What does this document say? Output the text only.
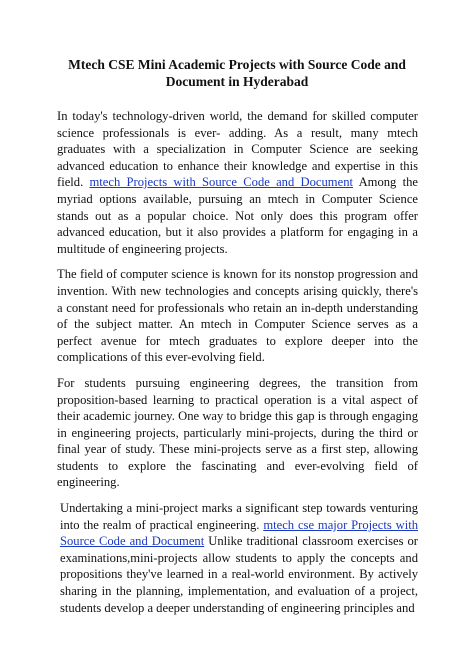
Mtech CSE Mini Academic Projects with Source Code and Document in Hyderabad

In today's technology-driven world, the demand for skilled computer science professionals is ever- adding. As a result, many mtech graduates with a specialization in Computer Science are seeking advanced education to enhance their knowledge and expertise in this field. mtech Projects with Source Code and Document Among the myriad options available, pursuing an mtech in Computer Science stands out as a popular choice. Not only does this program offer advanced education, but it also provides a platform for engaging in a multitude of engineering projects.

The field of computer science is known for its nonstop progression and invention. With new technologies and concepts arising quickly, there's a constant need for professionals who retain an in-depth understanding of the subject matter. An mtech in Computer Science serves as a perfect avenue for mtech graduates to explore deeper into the complications of this ever-evolving field.

For students pursuing engineering degrees, the transition from proposition-based learning to practical operation is a vital aspect of their academic journey. One way to bridge this gap is through engaging in engineering projects, particularly mini-projects, during the third or final year of study. These mini-projects serve as a first step, allowing students to explore the fascinating and ever-evolving field of engineering.

Undertaking a mini-project marks a significant step towards venturing into the realm of practical engineering. mtech cse major Projects with Source Code and Document Unlike traditional classroom exercises or examinations,mini-projects allow students to apply the concepts and propositions they've learned in a real-world environment. By actively sharing in the planning, implementation, and evaluation of a project, students develop a deeper understanding of engineering principles and
